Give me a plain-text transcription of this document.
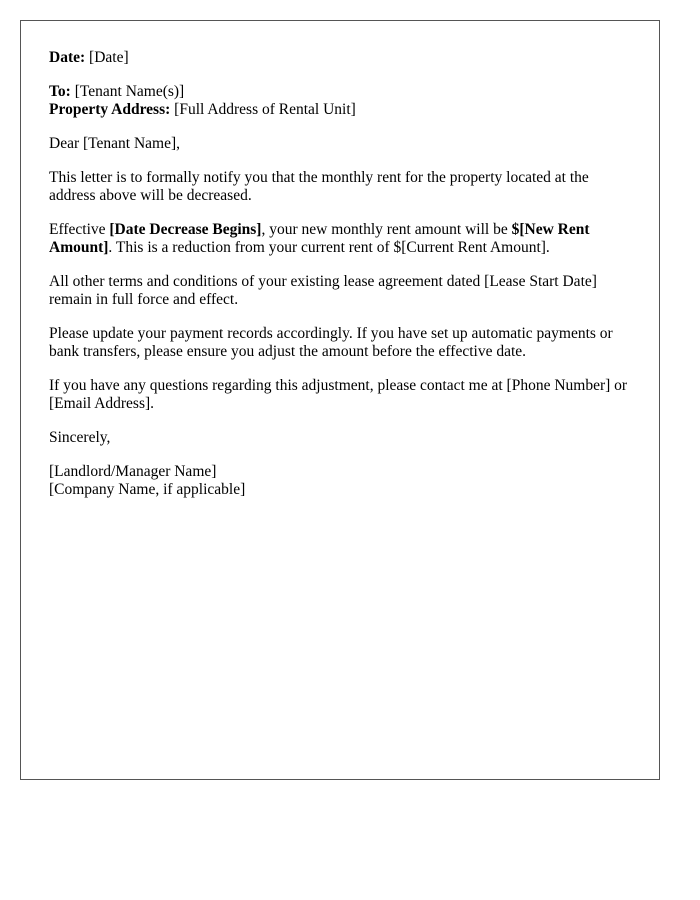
Date: [Date]

To: [Tenant Name(s)]

Property Address: [Full Address of Rental Unit]

Dear [Tenant Name],

This letter is to formally notify you that the monthly rent for the property located at the address above will be decreased.

Effective [Date Decrease Begins], your new monthly rent amount will be $[New Rent Amount]. This is a reduction from your current rent of $[Current Rent Amount].

All other terms and conditions of your existing lease agreement dated [Lease Start Date] remain in full force and effect.

Please update your payment records accordingly. If you have set up automatic payments or bank transfers, please ensure you adjust the amount before the effective date.

If you have any questions regarding this adjustment, please contact me at [Phone Number] or [Email Address].

Sincerely,

[Landlord/Manager Name]

[Company Name, if applicable]
